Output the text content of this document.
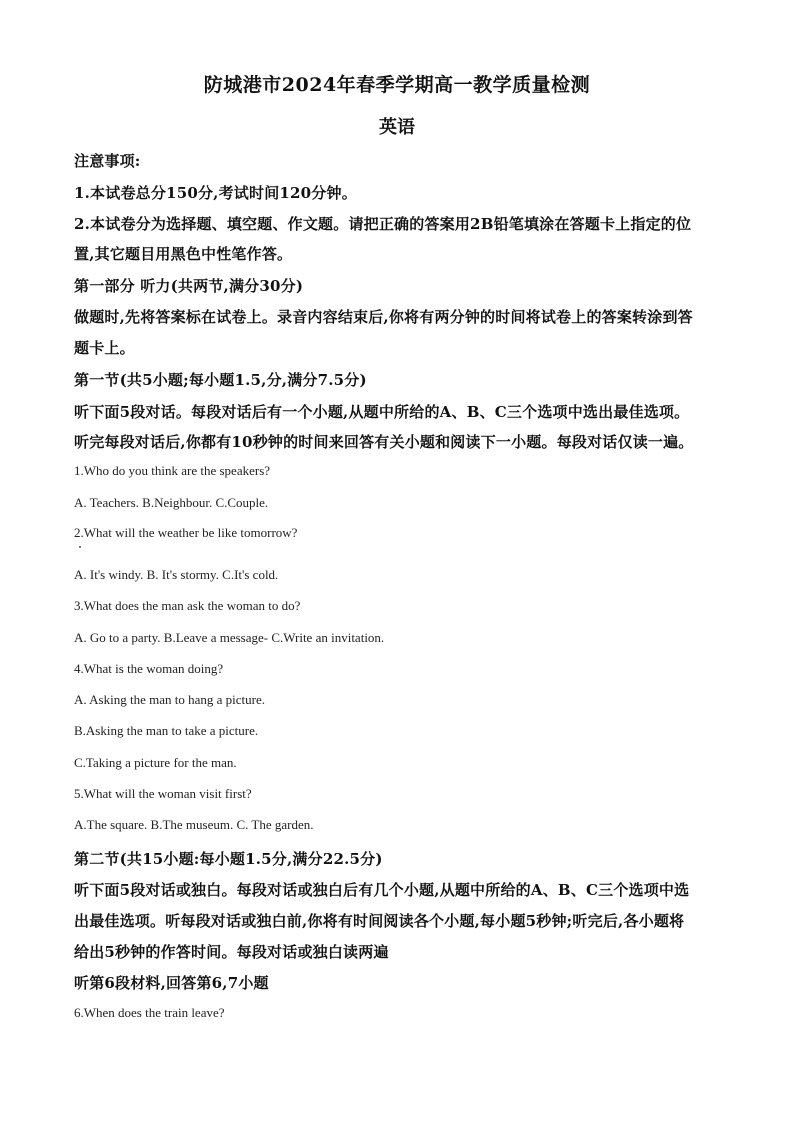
防城港市2024年春季学期高一教学质量检测
英语
注意事项:
1.本试卷总分150分,考试时间120分钟。
2.本试卷分为选择题、填空题、作文题。请把正确的答案用2B铅笔填涂在答题卡上指定的位
置,其它题目用黑色中性笔作答。
第一部分 听力(共两节,满分30分)
做题时,先将答案标在试卷上。录音内容结束后,你将有两分钟的时间将试卷上的答案转涂到答
题卡上。
第一节(共5小题;每小题1.5,分,满分7.5分)
听下面5段对话。每段对话后有一个小题,从题中所给的A、B、C三个选项中选出最佳选项。
听完每段对话后,你都有10秒钟的时间来回答有关小题和阅读下一小题。每段对话仅读一遍。
1.Who do you think are the speakers?
A. Teachers. B.Neighbour. C.Couple.
2.What will the weather be like tomorrow?
A. It's windy. B. It's stormy. C.It's cold.
3.What does the man ask the woman to do?
A. Go to a party. B.Leave a message- C.Write an invitation.
4.What is the woman doing?
A. Asking the man to hang a picture.
B.Asking the man to take a picture.
C.Taking a picture for the man.
5.What will the woman visit first?
A.The square. B.The museum. C. The garden.
第二节(共15小题:每小题1.5分,满分22.5分)
听下面5段对话或独白。每段对话或独白后有几个小题,从题中所给的A、B、C三个选项中选
出最佳选项。听每段对话或独白前,你将有时间阅读各个小题,每小题5秒钟;听完后,各小题将
给出5秒钟的作答时间。每段对话或独白读两遍
听第6段材料,回答第6,7小题
6.When does the train leave?
